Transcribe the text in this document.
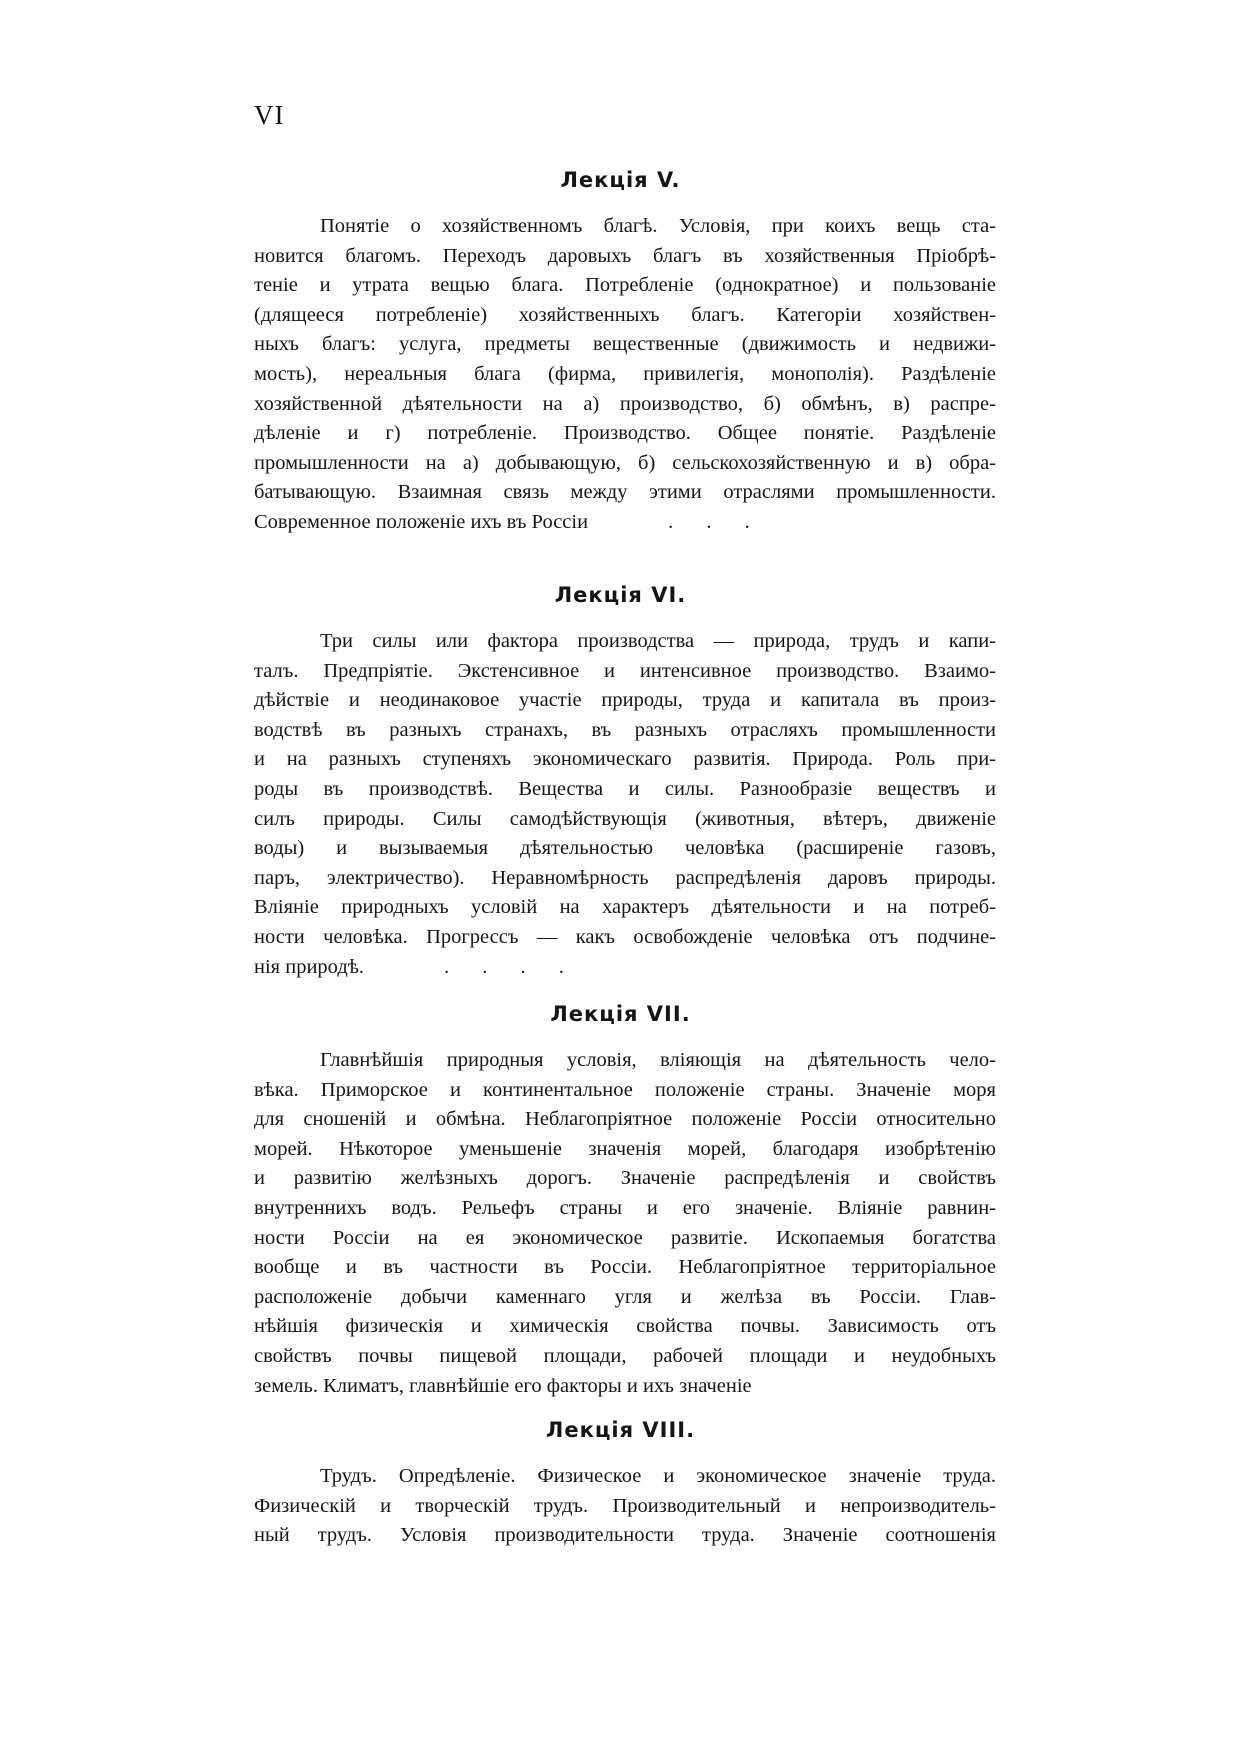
VI
Лекція V.
Понятіе о хозяйственномъ благѣ. Условія, при коихъ вещь ста-
новится благомъ. Переходъ даровыхъ благъ въ хозяйственныя Пріобрѣ-
теніе и утрата вещью блага. Потребленіе (однократное) и пользованіе
(длящееся потребленіе) хозяйственныхъ благъ. Категоріи хозяйствен-
ныхъ благъ: услуга, предметы вещественные (движимость и недвижи-
мость), нереальныя блага (фирма, привилегія, монополія). Раздѣленіе
хозяйственной дѣятельности на а) производство, б) обмѣнъ, в) распре-
дѣленіе и г) потребленіе. Производство. Общее понятіе. Раздѣленіе
промышленности на а) добывающую, б) сельскохозяйственную и в) обра-
батывающую. Взаимная связь между этими отраслями промышленности.
Современное положеніе ихъ въ Россіи	. . .
Лекція VI.
Три силы или фактора производства — природа, трудъ и капи-
талъ. Предпріятіе. Экстенсивное и интенсивное производство. Взаимо-
дѣйствіе и неодинаковое участіе природы, труда и капитала въ произ-
водствѣ въ разныхъ странахъ, въ разныхъ отрасляхъ промышленности
и на разныхъ ступеняхъ экономическаго развитія. Природа. Роль при-
роды въ производствѣ. Вещества и силы. Разнообразіе веществъ и
силъ природы. Силы самодѣйствующія (животныя, вѣтеръ, движеніе
воды) и вызываемыя дѣятельностью человѣка (расширеніе газовъ,
паръ, электричество). Неравномѣрность распредѣленія даровъ природы.
Вліяніе природныхъ условій на характеръ дѣятельности и на потреб-
ности человѣка. Прогрессъ — какъ освобожденіе человѣка отъ подчине-
нія природѣ.	. . . .
Лекція VII.
Главнѣйшія природныя условія, вліяющія на дѣятельность чело-
вѣка. Приморское и континентальное положеніе страны. Значеніе моря
для сношеній и обмѣна. Неблагопріятное положеніе Россіи относительно
морей. Нѣкоторое уменьшеніе значенія морей, благодаря изобрѣтенію
и развитію желѣзныхъ дорогъ. Значеніе распредѣленія и свойствъ
внутреннихъ водъ. Рельефъ страны и его значеніе. Вліяніе равнин-
ности Россіи на ея экономическое развитіе. Ископаемыя богатства
вообще и въ частности въ Россіи. Неблагопріятное территоріальное
расположеніе добычи каменнаго угля и желѣза въ Россіи. Глав-
нѣйшія физическія и химическія свойства почвы. Зависимость отъ
свойствъ почвы пищевой площади, рабочей площади и неудобныхъ
земель. Климатъ, главнѣйшіе его факторы и ихъ значеніе
Лекція VIII.
Трудъ. Опредѣленіе. Физическое и экономическое значеніе труда.
Физическій и творческій трудъ. Производительный и непроизводитель-
ный трудъ. Условія производительности труда. Значеніе соотношенія
